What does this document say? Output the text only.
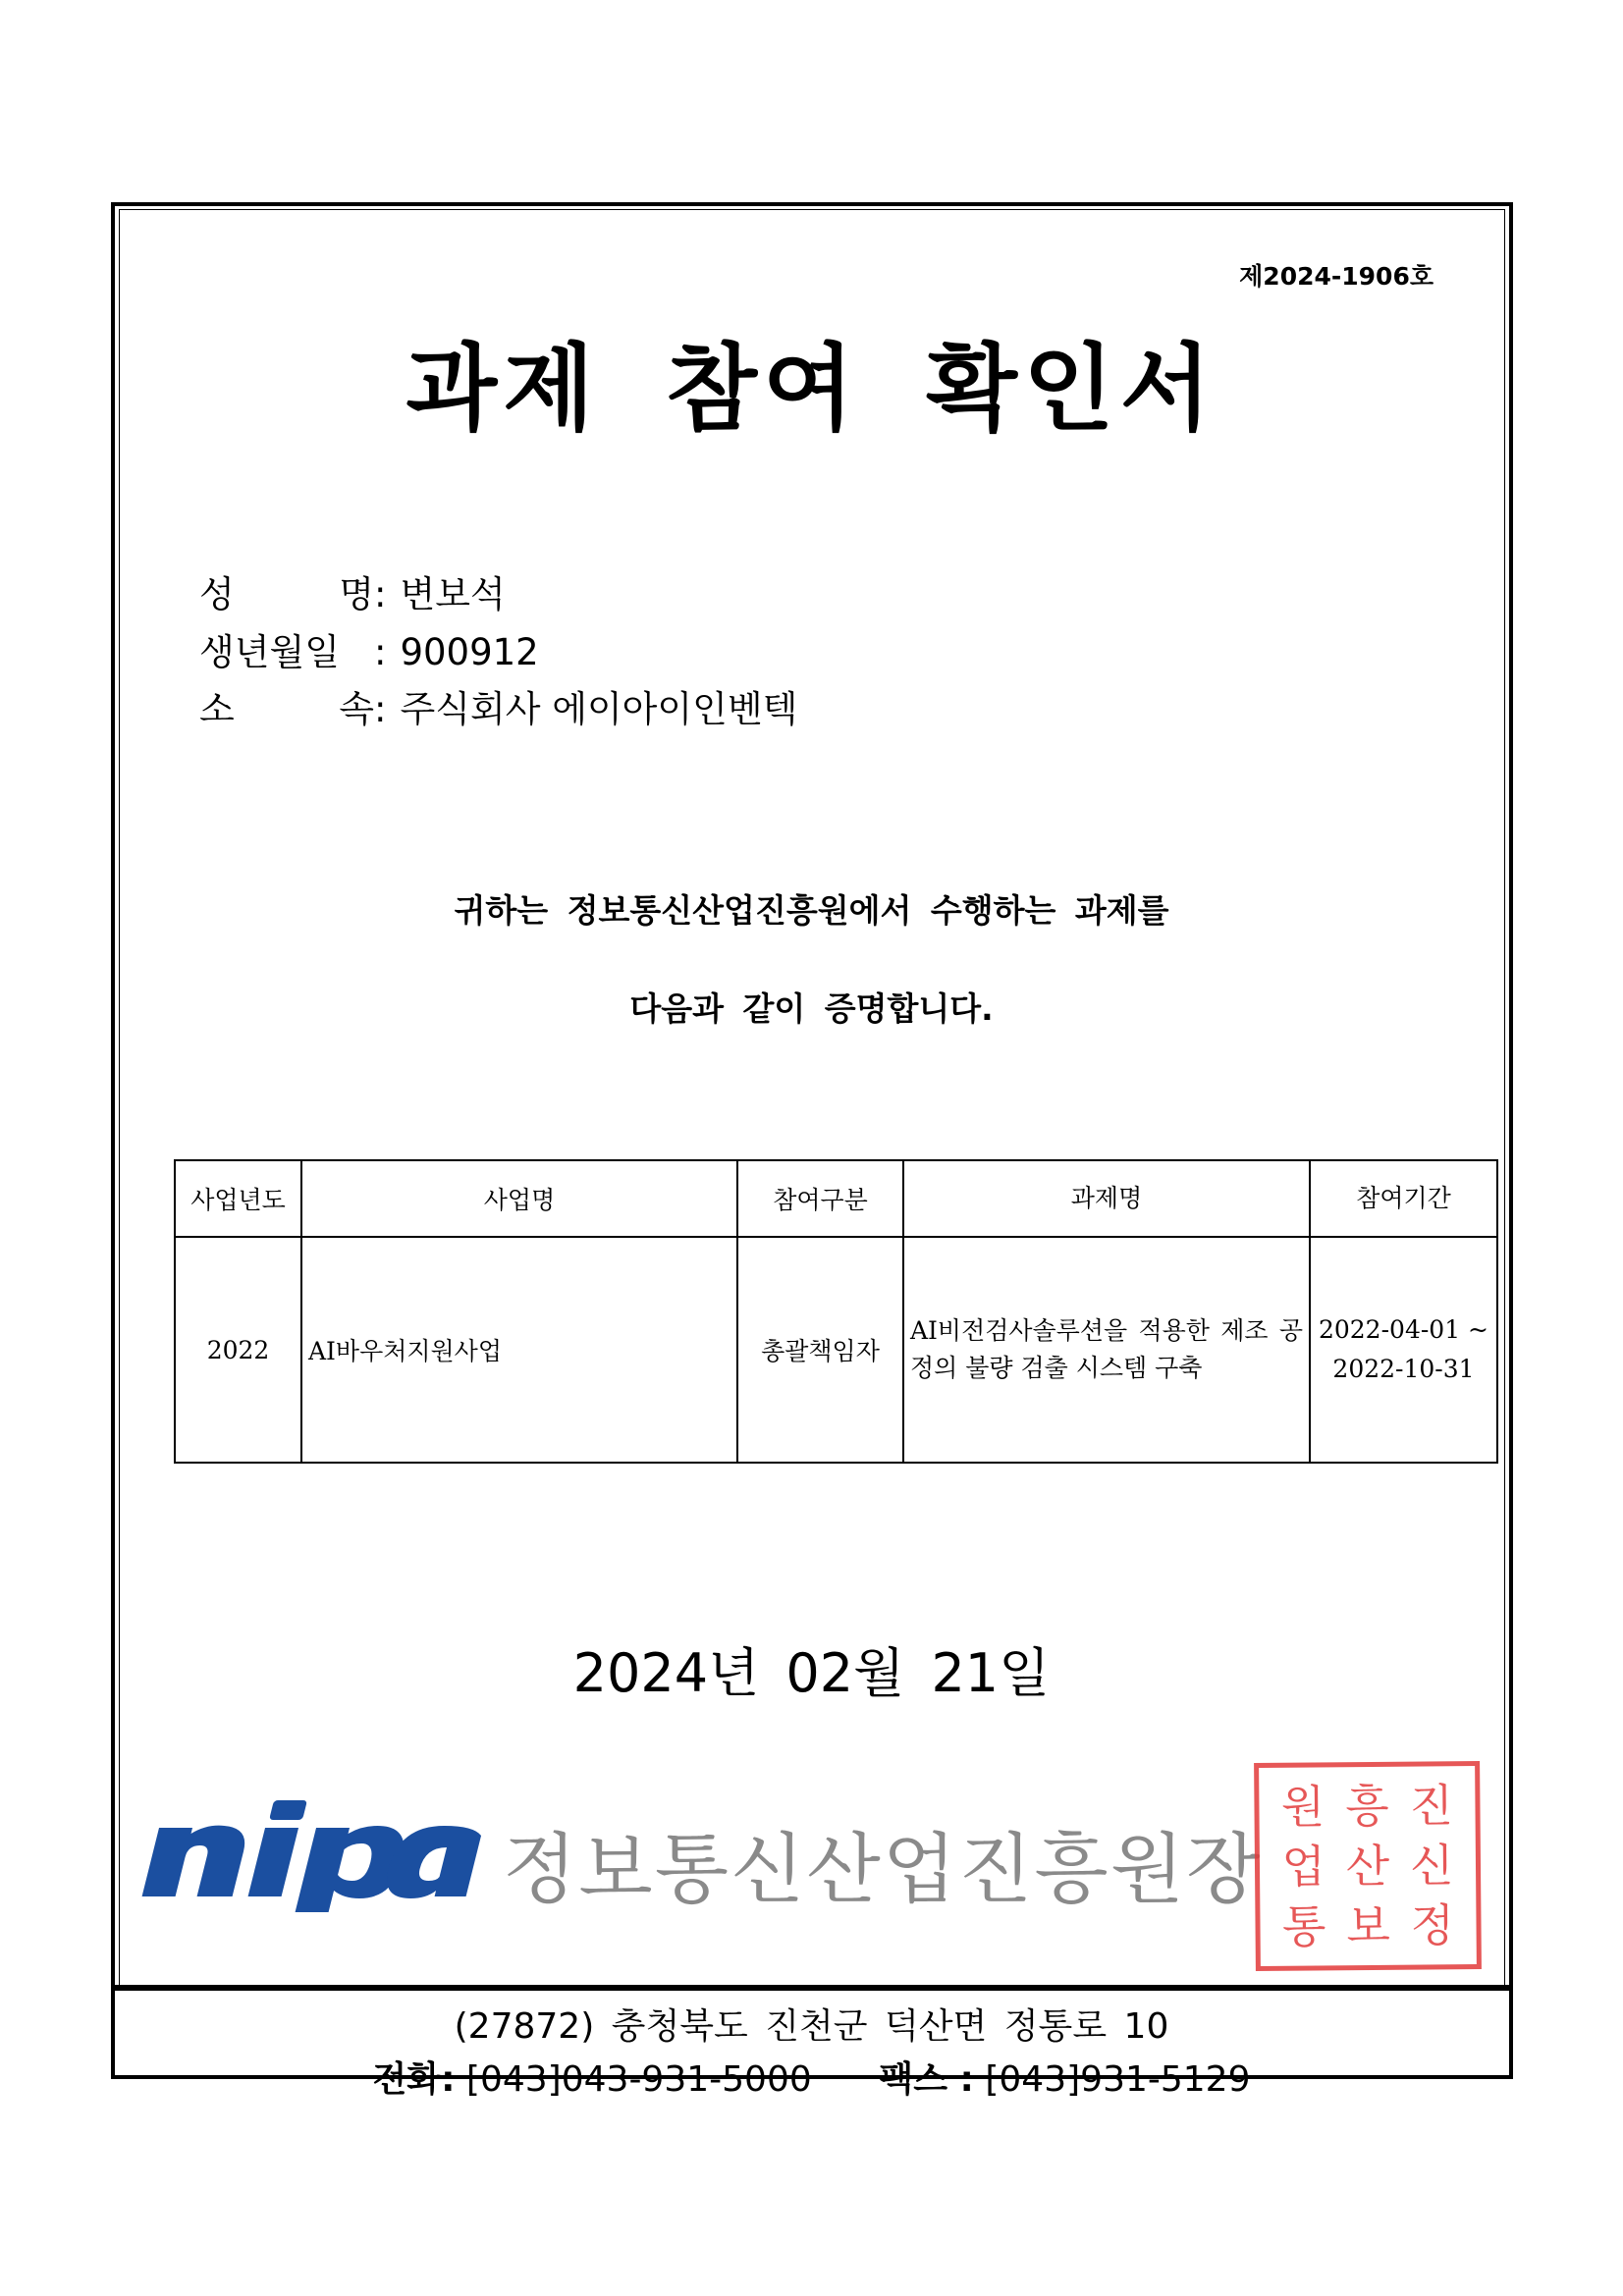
제2024-1906호
과제 참여 확인서
성	명 : 변보석
생년월일 : 900912
소	속 : 주식회사 에이아이인벤텍
귀하는 정보통신산업진흥원에서 수행하는 과제를
다음과 같이 증명합니다.
사업년도	사업명	참여구분	과제명	참여기간
2022	AI바우처지원사업	총괄책임자	AI비전검사솔루션을 적용한 제조 공정의 불량 검출 시스템 구축	2022-04-01 ~
2022-10-31
2024년 02월 21일
정보통신산업진흥원장
원 흥 진
업 산 신
통 보 정
(27872) 충청북도 진천군 덕산면 정통로 10
전화: [043]043-931-5000 팩스 : [043]931-5129
